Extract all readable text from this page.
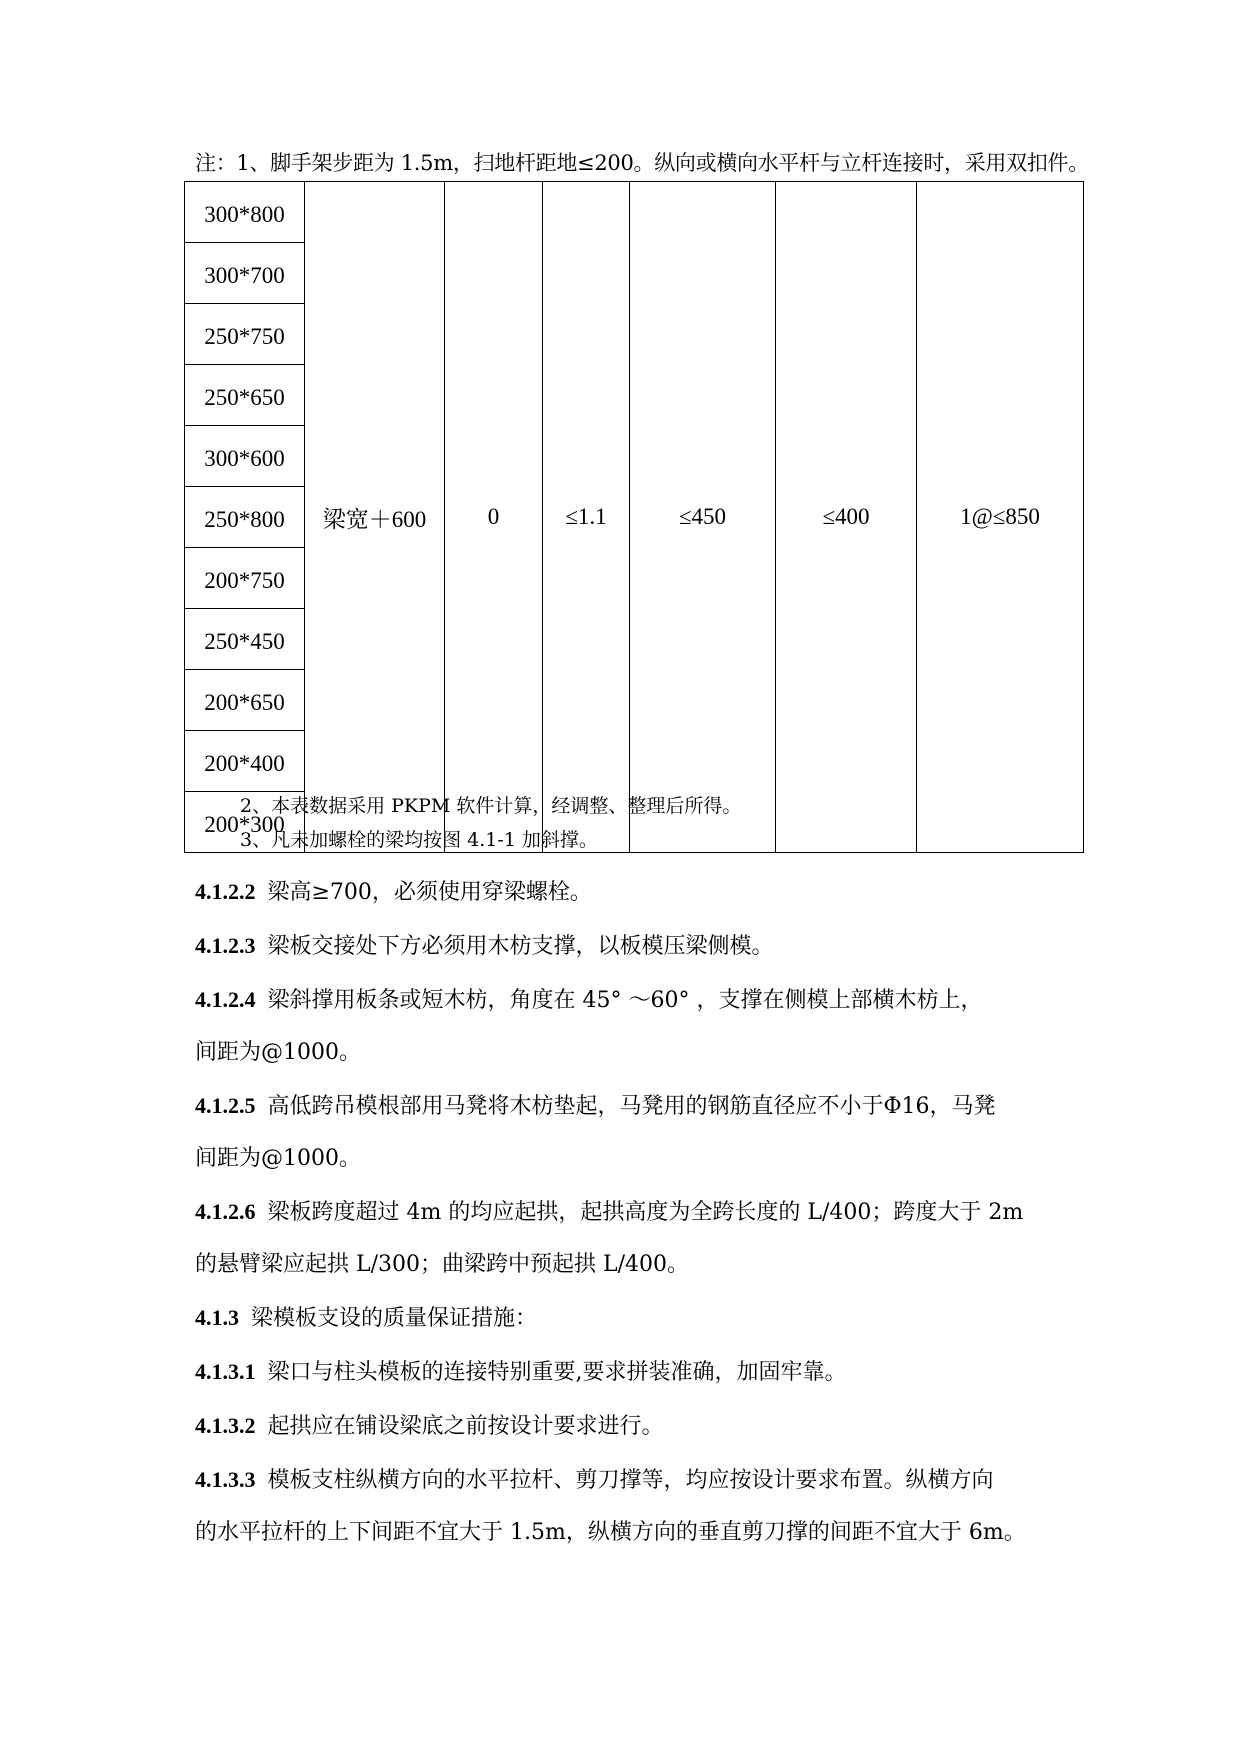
注：1、脚手架步距为 1.5m，扫地杆距地≤200。纵向或横向水平杆与立杆连接时，采用双扣件。
300*800	梁宽＋600	0	≤1.1	≤450	≤400	1@≤850
300*700
250*750
250*650
300*600
250*800
200*750
250*450
200*650
200*400
200*300
2、本表数据采用 PKPM 软件计算，经调整、整理后所得。
3、凡未加螺栓的梁均按图 4.1-1 加斜撑。
4.1.2.2 梁高≥700，必须使用穿梁螺栓。
4.1.2.3 梁板交接处下方必须用木枋支撑，以板模压梁侧模。
4.1.2.4 梁斜撑用板条或短木枋，角度在 45° ～60° ，支撑在侧模上部横木枋上，
间距为@1000。
4.1.2.5 高低跨吊模根部用马凳将木枋垫起，马凳用的钢筋直径应不小于Φ16，马凳
间距为@1000。
4.1.2.6 梁板跨度超过 4m 的均应起拱，起拱高度为全跨长度的 L/400；跨度大于 2m
的悬臂梁应起拱 L/300；曲梁跨中预起拱 L/400。
4.1.3 梁模板支设的质量保证措施：
4.1.3.1 梁口与柱头模板的连接特别重要,要求拼装准确，加固牢靠。
4.1.3.2 起拱应在铺设梁底之前按设计要求进行。
4.1.3.3 模板支柱纵横方向的水平拉杆、剪刀撑等，均应按设计要求布置。纵横方向
的水平拉杆的上下间距不宜大于 1.5m，纵横方向的垂直剪刀撑的间距不宜大于 6m。
